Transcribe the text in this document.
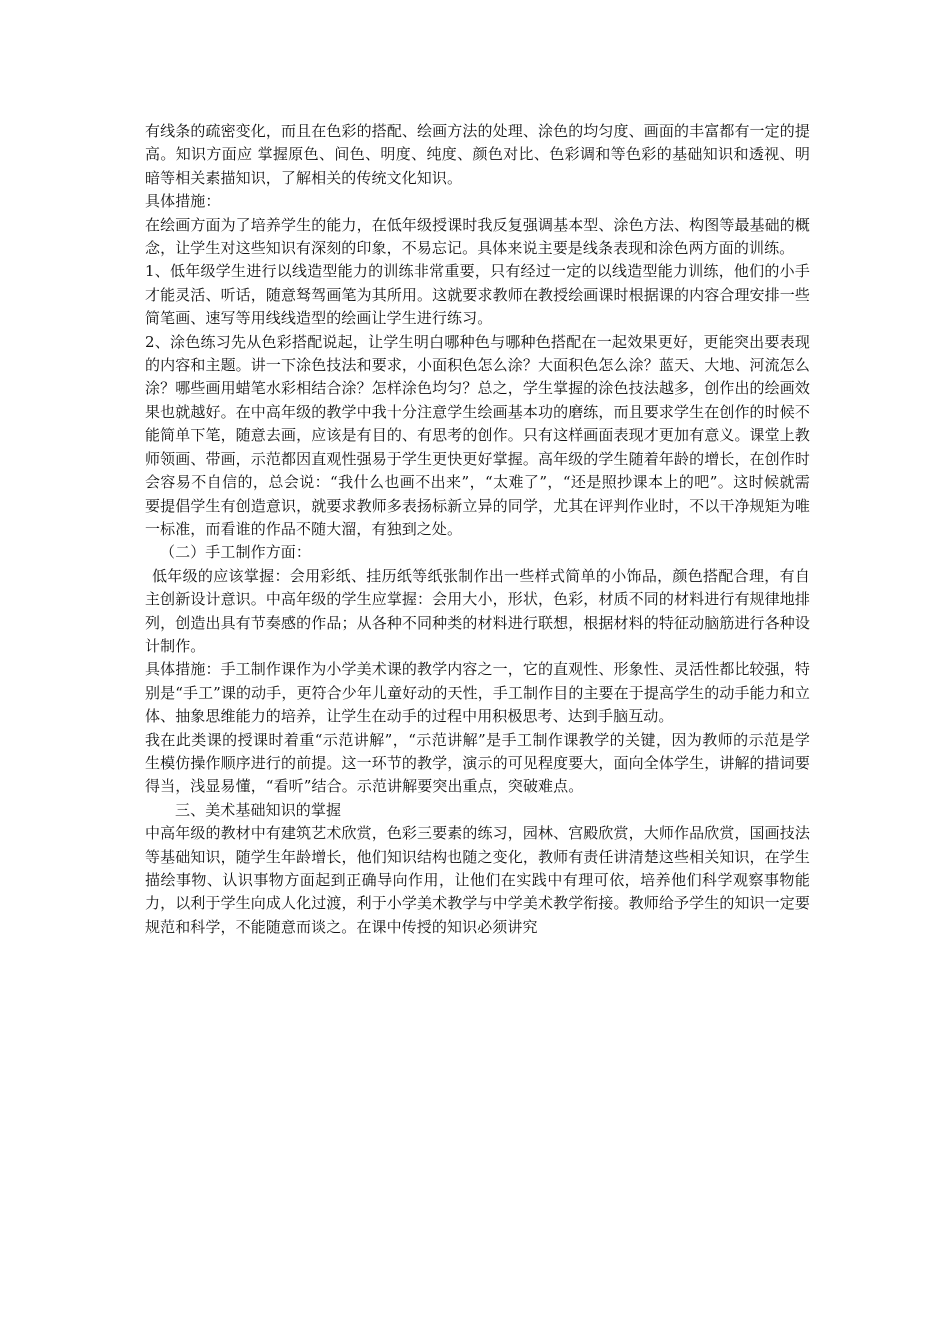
有线条的疏密变化，而且在色彩的搭配、绘画方法的处理、涂色的均匀度、画面的丰富都有一定的提高。知识方面应 掌握原色、间色、明度、纯度、颜色对比、色彩调和等色彩的基础知识和透视、明暗等相关素描知识，了解相关的传统文化知识。

具体措施：

在绘画方面为了培养学生的能力，在低年级授课时我反复强调基本型、涂色方法、构图等最基础的概念，让学生对这些知识有深刻的印象，不易忘记。具体来说主要是线条表现和涂色两方面的训练。

1、低年级学生进行以线造型能力的训练非常重要，只有经过一定的以线造型能力训练，他们的小手才能灵活、听话，随意驽驾画笔为其所用。这就要求教师在教授绘画课时根据课的内容合理安排一些简笔画、速写等用线线造型的绘画让学生进行练习。

2、涂色练习先从色彩搭配说起，让学生明白哪种色与哪种色搭配在一起效果更好，更能突出要表现的内容和主题。讲一下涂色技法和要求，小面积色怎么涂？大面积色怎么涂？蓝天、大地、河流怎么涂？哪些画用蜡笔水彩相结合涂？怎样涂色均匀？总之，学生掌握的涂色技法越多，创作出的绘画效果也就越好。在中高年级的教学中我十分注意学生绘画基本功的磨练，而且要求学生在创作的时候不能简单下笔，随意去画，应该是有目的、有思考的创作。只有这样画面表现才更加有意义。课堂上教师领画、带画，示范都因直观性强易于学生更快更好掌握。高年级的学生随着年龄的增长，在创作时会容易不自信的，总会说：“我什么也画不出来”，“太难了”，“还是照抄课本上的吧”。这时候就需要提倡学生有创造意识，就要求教师多表扬标新立异的同学，尤其在评判作业时，不以干净规矩为唯一标准，而看谁的作品不随大溜，有独到之处。

（二）手工制作方面：

低年级的应该掌握：会用彩纸、挂历纸等纸张制作出一些样式简单的小饰品，颜色搭配合理，有自主创新设计意识。中高年级的学生应掌握：会用大小，形状，色彩，材质不同的材料进行有规律地排列，创造出具有节奏感的作品；从各种不同种类的材料进行联想，根据材料的特征动脑筋进行各种设计制作。

具体措施：手工制作课作为小学美术课的教学内容之一，它的直观性、形象性、灵活性都比较强，特别是“手工”课的动手，更符合少年儿童好动的天性，手工制作目的主要在于提高学生的动手能力和立体、抽象思维能力的培养，让学生在动手的过程中用积极思考、达到手脑互动。

我在此类课的授课时着重“示范讲解”，“示范讲解”是手工制作课教学的关键，因为教师的示范是学生模仿操作顺序进行的前提。这一环节的教学，演示的可见程度要大，面向全体学生，讲解的措词要得当，浅显易懂，“看听”结合。示范讲解要突出重点，突破难点。

三、美术基础知识的掌握

中高年级的教材中有建筑艺术欣赏，色彩三要素的练习，园林、宫殿欣赏，大师作品欣赏，国画技法等基础知识，随学生年龄增长，他们知识结构也随之变化，教师有责任讲清楚这些相关知识，在学生描绘事物、认识事物方面起到正确导向作用，让他们在实践中有理可依，培养他们科学观察事物能力，以利于学生向成人化过渡，利于小学美术教学与中学美术教学衔接。教师给予学生的知识一定要规范和科学，不能随意而谈之。在课中传授的知识必须讲究
